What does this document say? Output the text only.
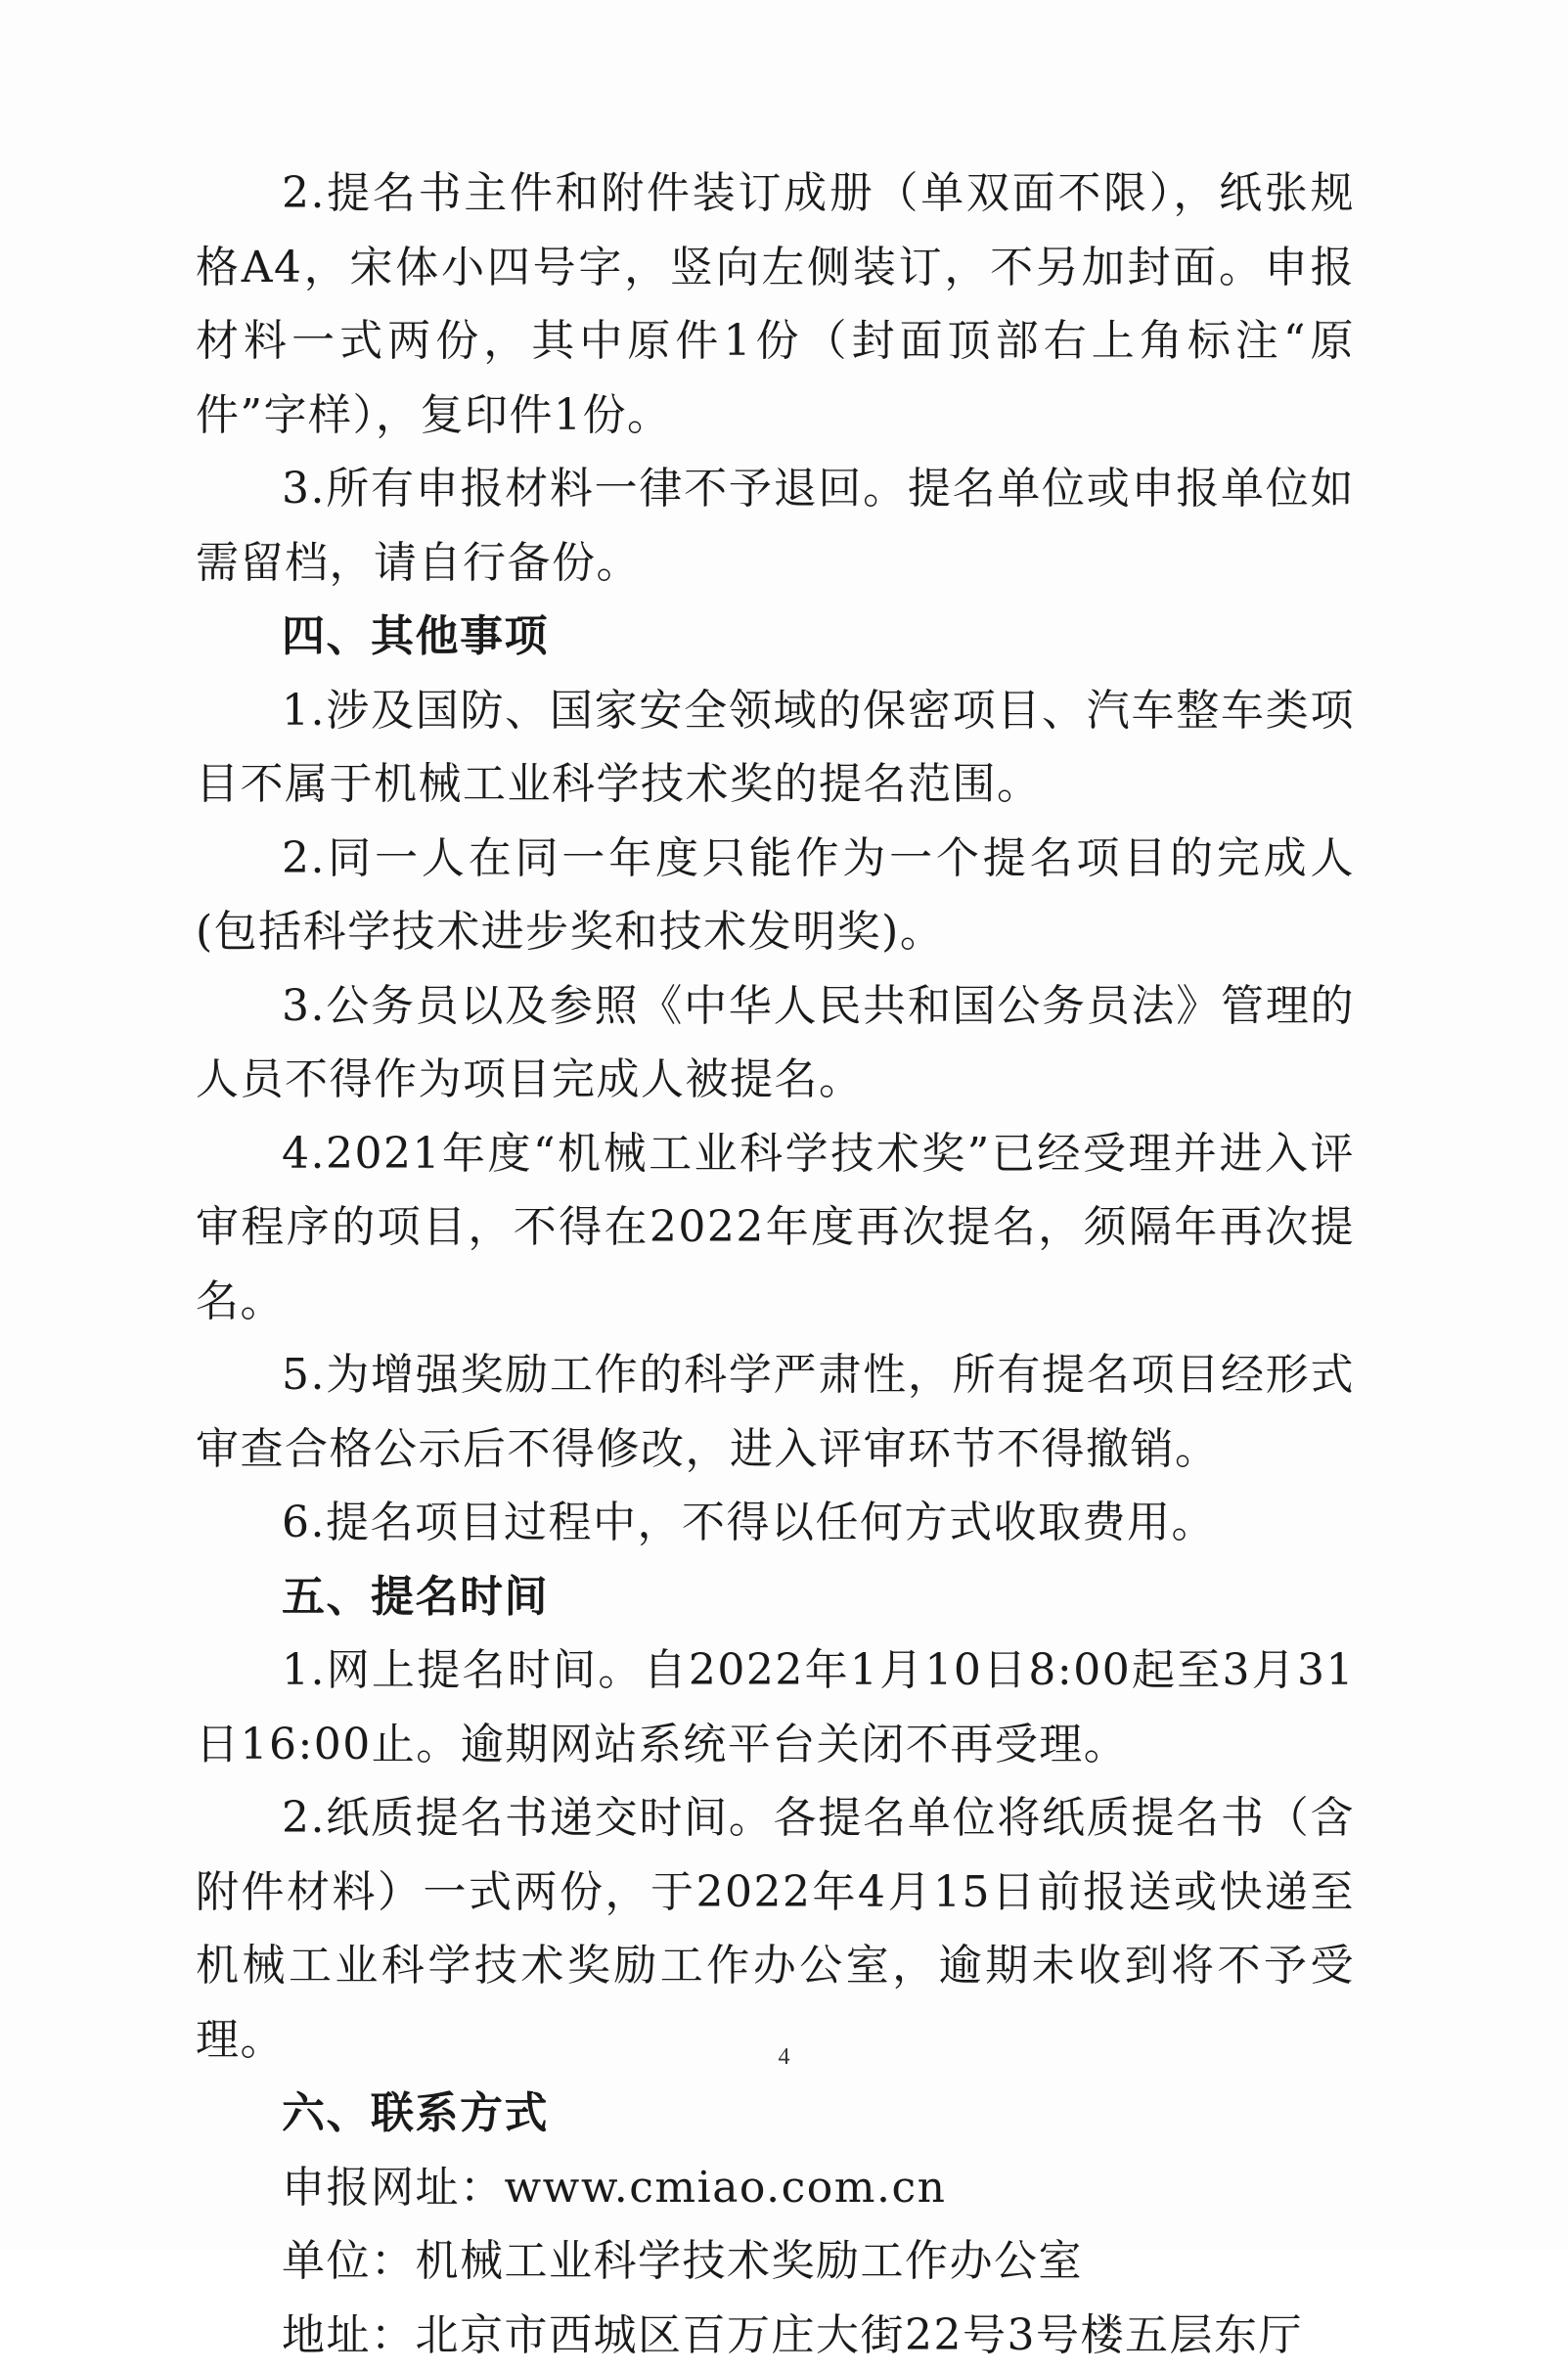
2.提名书主件和附件装订成册（单双面不限），纸张规格A4，宋体小四号字，竖向左侧装订，不另加封面。申报材料一式两份，其中原件1份（封面顶部右上角标注“原件”字样），复印件1份。

3.所有申报材料一律不予退回。提名单位或申报单位如需留档，请自行备份。

四、其他事项

1.涉及国防、国家安全领域的保密项目、汽车整车类项目不属于机械工业科学技术奖的提名范围。

2.同一人在同一年度只能作为一个提名项目的完成人(包括科学技术进步奖和技术发明奖)。

3.公务员以及参照《中华人民共和国公务员法》管理的人员不得作为项目完成人被提名。

4.2021年度“机械工业科学技术奖”已经受理并进入评审程序的项目，不得在2022年度再次提名，须隔年再次提名。

5.为增强奖励工作的科学严肃性，所有提名项目经形式审查合格公示后不得修改，进入评审环节不得撤销。

6.提名项目过程中，不得以任何方式收取费用。

五、提名时间

1.网上提名时间。自2022年1月10日8:00起至3月31日16:00止。逾期网站系统平台关闭不再受理。

2.纸质提名书递交时间。各提名单位将纸质提名书（含附件材料）一式两份，于2022年4月15日前报送或快递至机械工业科学技术奖励工作办公室，逾期未收到将不予受理。

六、联系方式

申报网址：www.cmiao.com.cn

单位：机械工业科学技术奖励工作办公室

地址：北京市西城区百万庄大街22号3号楼五层东厅

4
